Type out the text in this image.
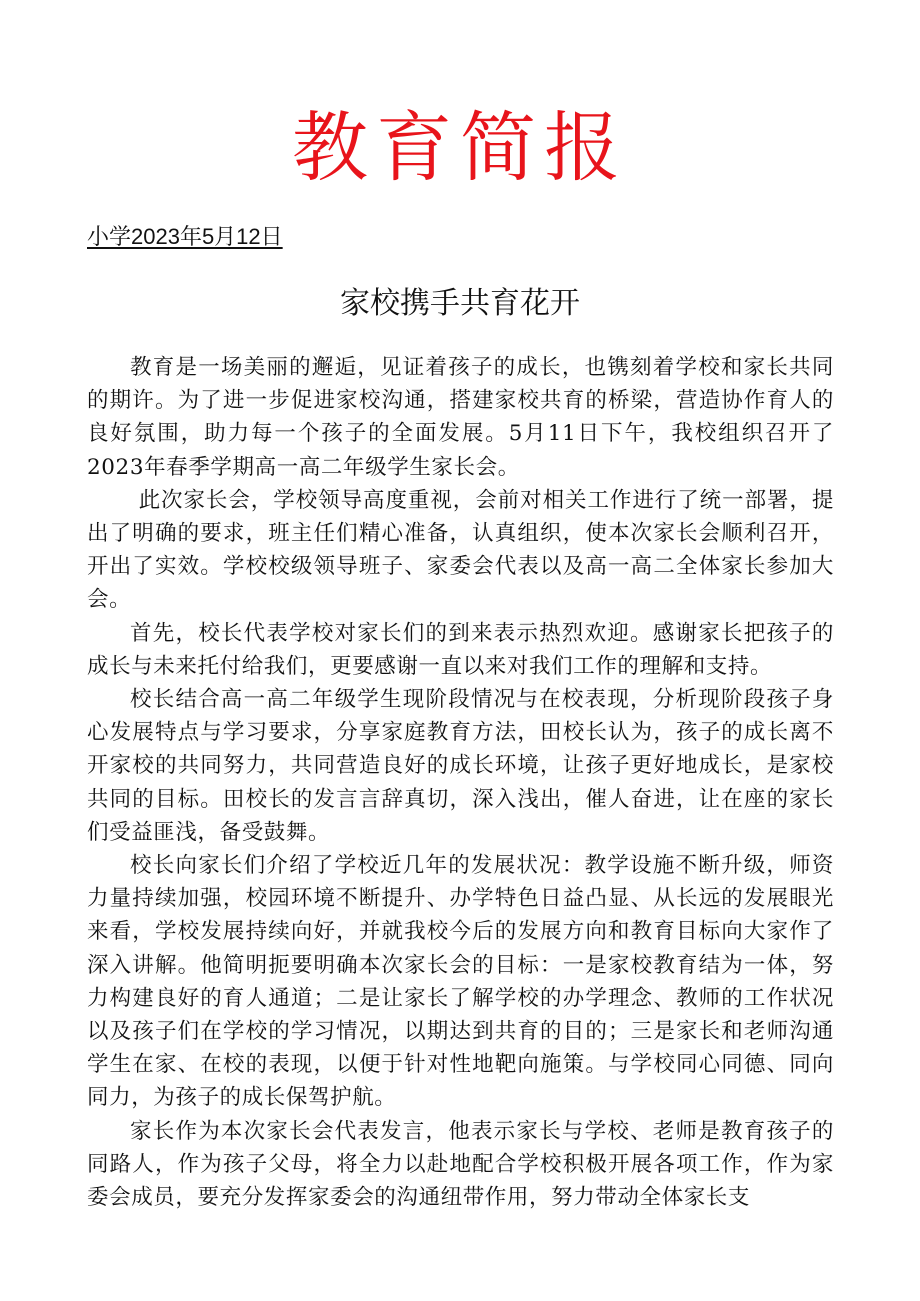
教育简报
小学2023年5月12日
家校携手共育花开

教育是一场美丽的邂逅，见证着孩子的成长，也镌刻着学校和家长共同的期许。为了进一步促进家校沟通，搭建家校共育的桥梁，营造协作育人的良好氛围，助力每一个孩子的全面发展。5月11日下午，我校组织召开了2023年春季学期高一高二年级学生家长会。

此次家长会，学校领导高度重视，会前对相关工作进行了统一部署，提出了明确的要求，班主任们精心准备，认真组织，使本次家长会顺利召开，开出了实效。学校校级领导班子、家委会代表以及高一高二全体家长参加大会。

首先，校长代表学校对家长们的到来表示热烈欢迎。感谢家长把孩子的成长与未来托付给我们，更要感谢一直以来对我们工作的理解和支持。

校长结合高一高二年级学生现阶段情况与在校表现，分析现阶段孩子身心发展特点与学习要求，分享家庭教育方法，田校长认为，孩子的成长离不开家校的共同努力，共同营造良好的成长环境，让孩子更好地成长，是家校共同的目标。田校长的发言言辞真切，深入浅出，催人奋进，让在座的家长们受益匪浅，备受鼓舞。

校长向家长们介绍了学校近几年的发展状况：教学设施不断升级，师资力量持续加强，校园环境不断提升、办学特色日益凸显、从长远的发展眼光来看，学校发展持续向好，并就我校今后的发展方向和教育目标向大家作了深入讲解。他简明扼要明确本次家长会的目标：一是家校教育结为一体，努力构建良好的育人通道；二是让家长了解学校的办学理念、教师的工作状况以及孩子们在学校的学习情况，以期达到共育的目的；三是家长和老师沟通学生在家、在校的表现，以便于针对性地靶向施策。与学校同心同德、同向同力，为孩子的成长保驾护航。

家长作为本次家长会代表发言，他表示家长与学校、老师是教育孩子的同路人，作为孩子父母，将全力以赴地配合学校积极开展各项工作，作为家委会成员，要充分发挥家委会的沟通纽带作用，努力带动全体家长支
